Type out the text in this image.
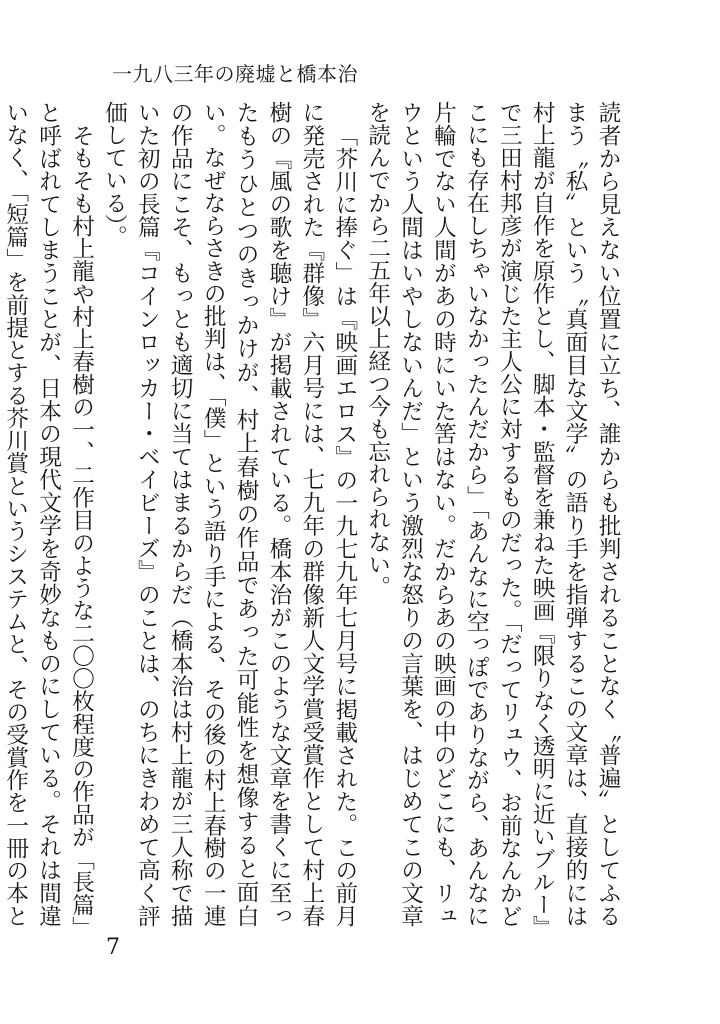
一九八三年の廃墟と橋本治

読者から見えない位置に立ち、誰からも批判されることなく〝普遍〟としてふるまう〝私〟という〝真面目な文学〟の語り手を指弾するこの文章は、直接的には村上龍が自作を原作とし、脚本・監督を兼ねた映画『限りなく透明に近いブルー』で三田村邦彦が演じた主人公に対するものだった。「だってリュウ、お前なんかどこにも存在しちゃいなかったんだから」「あんなに空っぽでありながら、あんなに片輪でない人間があの時にいた筈はない。だからあの映画の中のどこにも、リュウという人間はいやしないんだ」という激烈な怒りの言葉を、はじめてこの文章を読んでから二五年以上経つ今も忘れられない。

「芥川に捧ぐ」は『映画エロス』の一九七九年七月号に掲載された。この前月に発売された『群像』六月号には、七九年の群像新人文学賞受賞作として村上春樹の『風の歌を聴け』が掲載されている。橋本治がこのような文章を書くに至ったもうひとつのきっかけが、村上春樹の作品であった可能性を想像すると面白い。なぜならさきの批判は、「僕」という語り手による、その後の村上春樹の一連の作品にこそ、もっとも適切に当てはまるからだ（橋本治は村上龍が三人称で描いた初の長篇『コインロッカー・ベイビーズ』のことは、のちにきわめて高く評価している）。

そもそも村上龍や村上春樹の一、二作目のような二〇〇枚程度の作品が「長篇」と呼ばれてしまうことが、日本の現代文学を奇妙なものにしている。それは間違いなく、「短篇」を前提とする芥川賞というシステムと、その受賞作を一冊の本と

7
